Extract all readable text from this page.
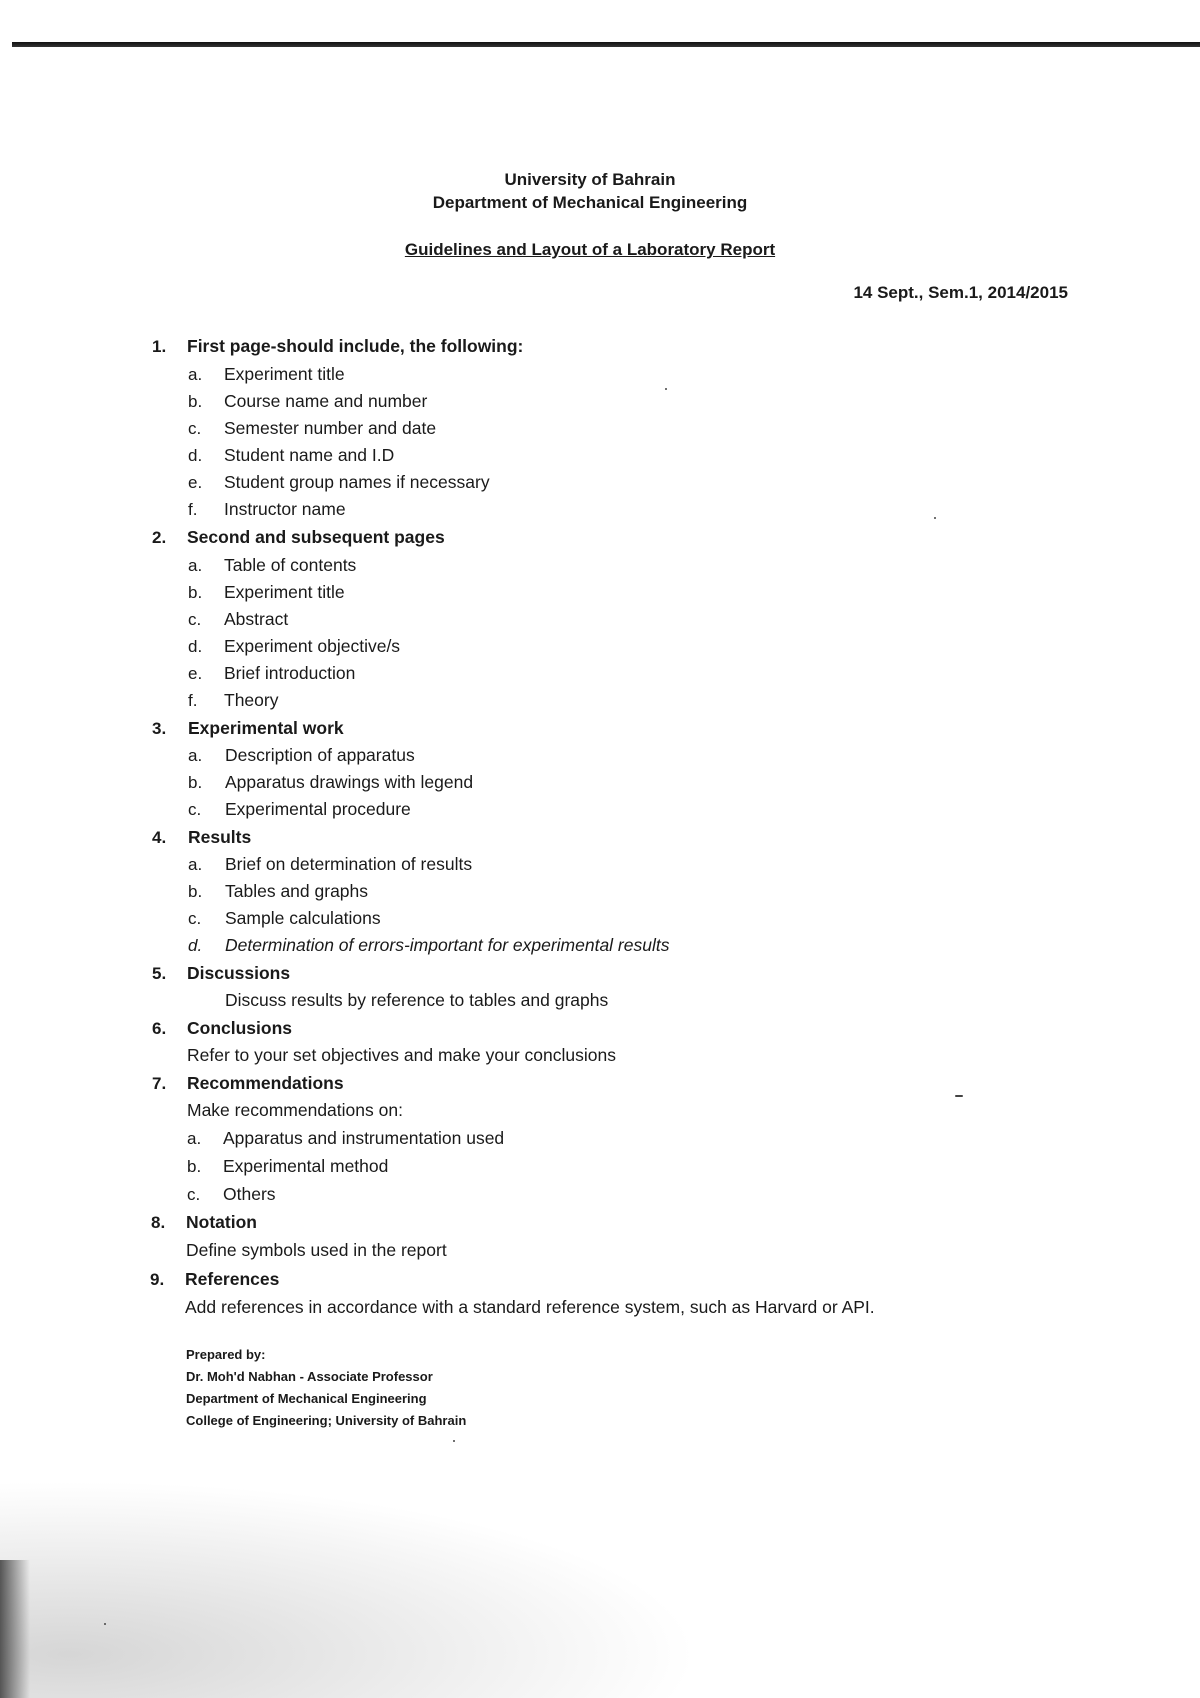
University of Bahrain
Department of Mechanical Engineering
Guidelines and Layout of a Laboratory Report
14 Sept., Sem.1, 2014/2015
1. First page-should include, the following:
a. Experiment title
b. Course name and number
c. Semester number and date
d. Student name and I.D
e. Student group names if necessary
f. Instructor name
2. Second and subsequent pages
a. Table of contents
b. Experiment title
c. Abstract
d. Experiment objective/s
e. Brief introduction
f. Theory
3. Experimental work
a. Description of apparatus
b. Apparatus drawings with legend
c. Experimental procedure
4. Results
a. Brief on determination of results
b. Tables and graphs
c. Sample calculations
d. Determination of errors-important for experimental results
5. Discussions
Discuss results by reference to tables and graphs
6. Conclusions
Refer to your set objectives and make your conclusions
7. Recommendations
Make recommendations on:
a. Apparatus and instrumentation used
b. Experimental method
c. Others
8. Notation
Define symbols used in the report
9. References
Add references in accordance with a standard reference system, such as Harvard or API.
Prepared by:
Dr. Moh'd Nabhan - Associate Professor
Department of Mechanical Engineering
College of Engineering; University of Bahrain
